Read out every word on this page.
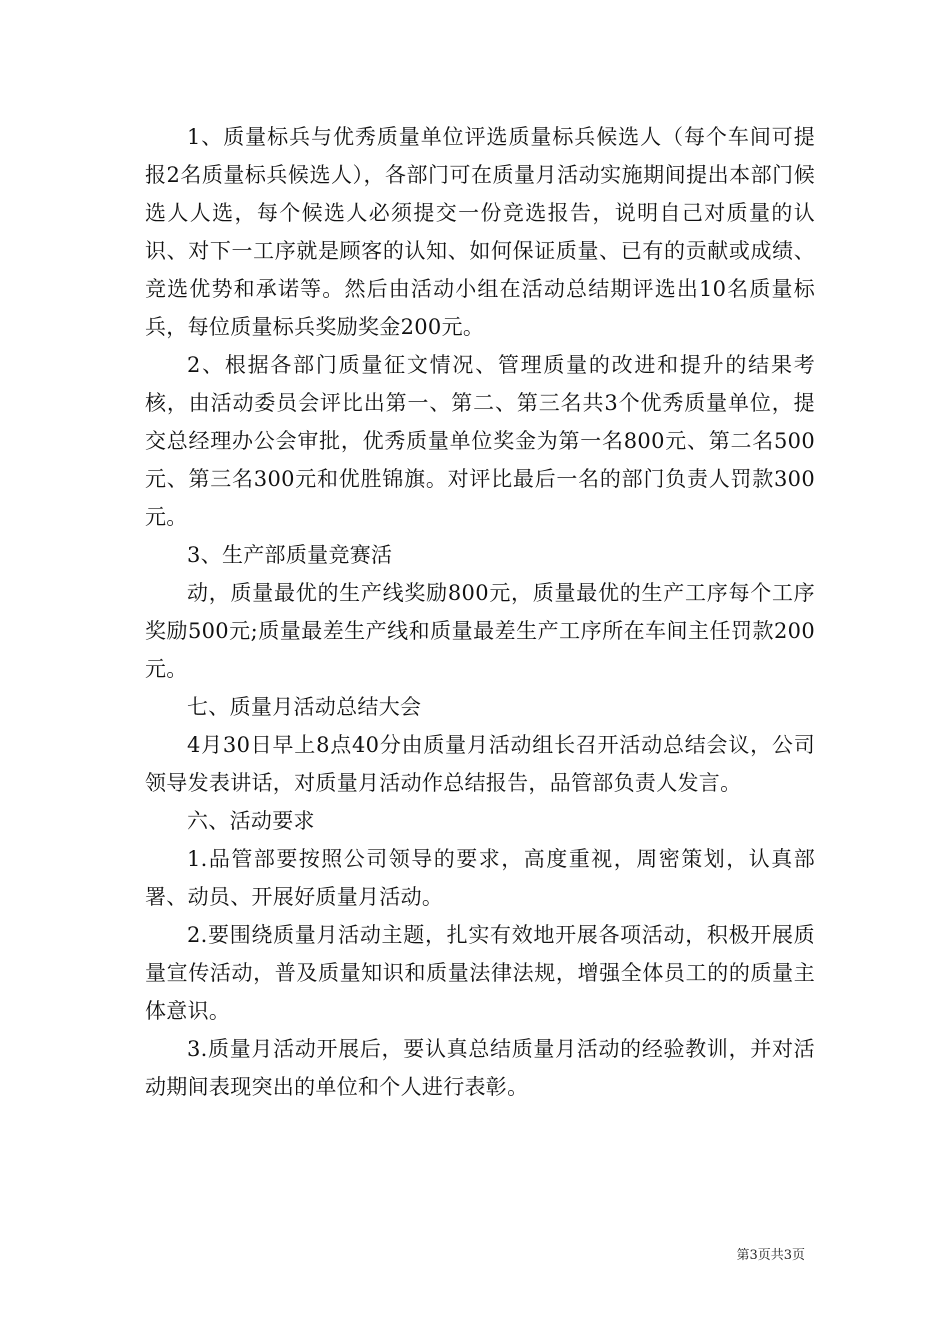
1、质量标兵与优秀质量单位评选质量标兵候选人（每个车间可提报2名质量标兵候选人），各部门可在质量月活动实施期间提出本部门候选人人选，每个候选人必须提交一份竞选报告，说明自己对质量的认识、对下一工序就是顾客的认知、如何保证质量、已有的贡献或成绩、竞选优势和承诺等。然后由活动小组在活动总结期评选出10名质量标兵，每位质量标兵奖励奖金200元。

2、根据各部门质量征文情况、管理质量的改进和提升的结果考核，由活动委员会评比出第一、第二、第三名共3个优秀质量单位，提交总经理办公会审批，优秀质量单位奖金为第一名800元、第二名500元、第三名300元和优胜锦旗。对评比最后一名的部门负责人罚款300元。

3、生产部质量竞赛活

动，质量最优的生产线奖励800元，质量最优的生产工序每个工序奖励500元;质量最差生产线和质量最差生产工序所在车间主任罚款200元。

七、质量月活动总结大会

4月30日早上8点40分由质量月活动组长召开活动总结会议，公司领导发表讲话，对质量月活动作总结报告，品管部负责人发言。

六、活动要求

1.品管部要按照公司领导的要求，高度重视，周密策划，认真部署、动员、开展好质量月活动。

2.要围绕质量月活动主题，扎实有效地开展各项活动，积极开展质量宣传活动，普及质量知识和质量法律法规，增强全体员工的的质量主体意识。

3.质量月活动开展后，要认真总结质量月活动的经验教训，并对活动期间表现突出的单位和个人进行表彰。

第3页共3页
